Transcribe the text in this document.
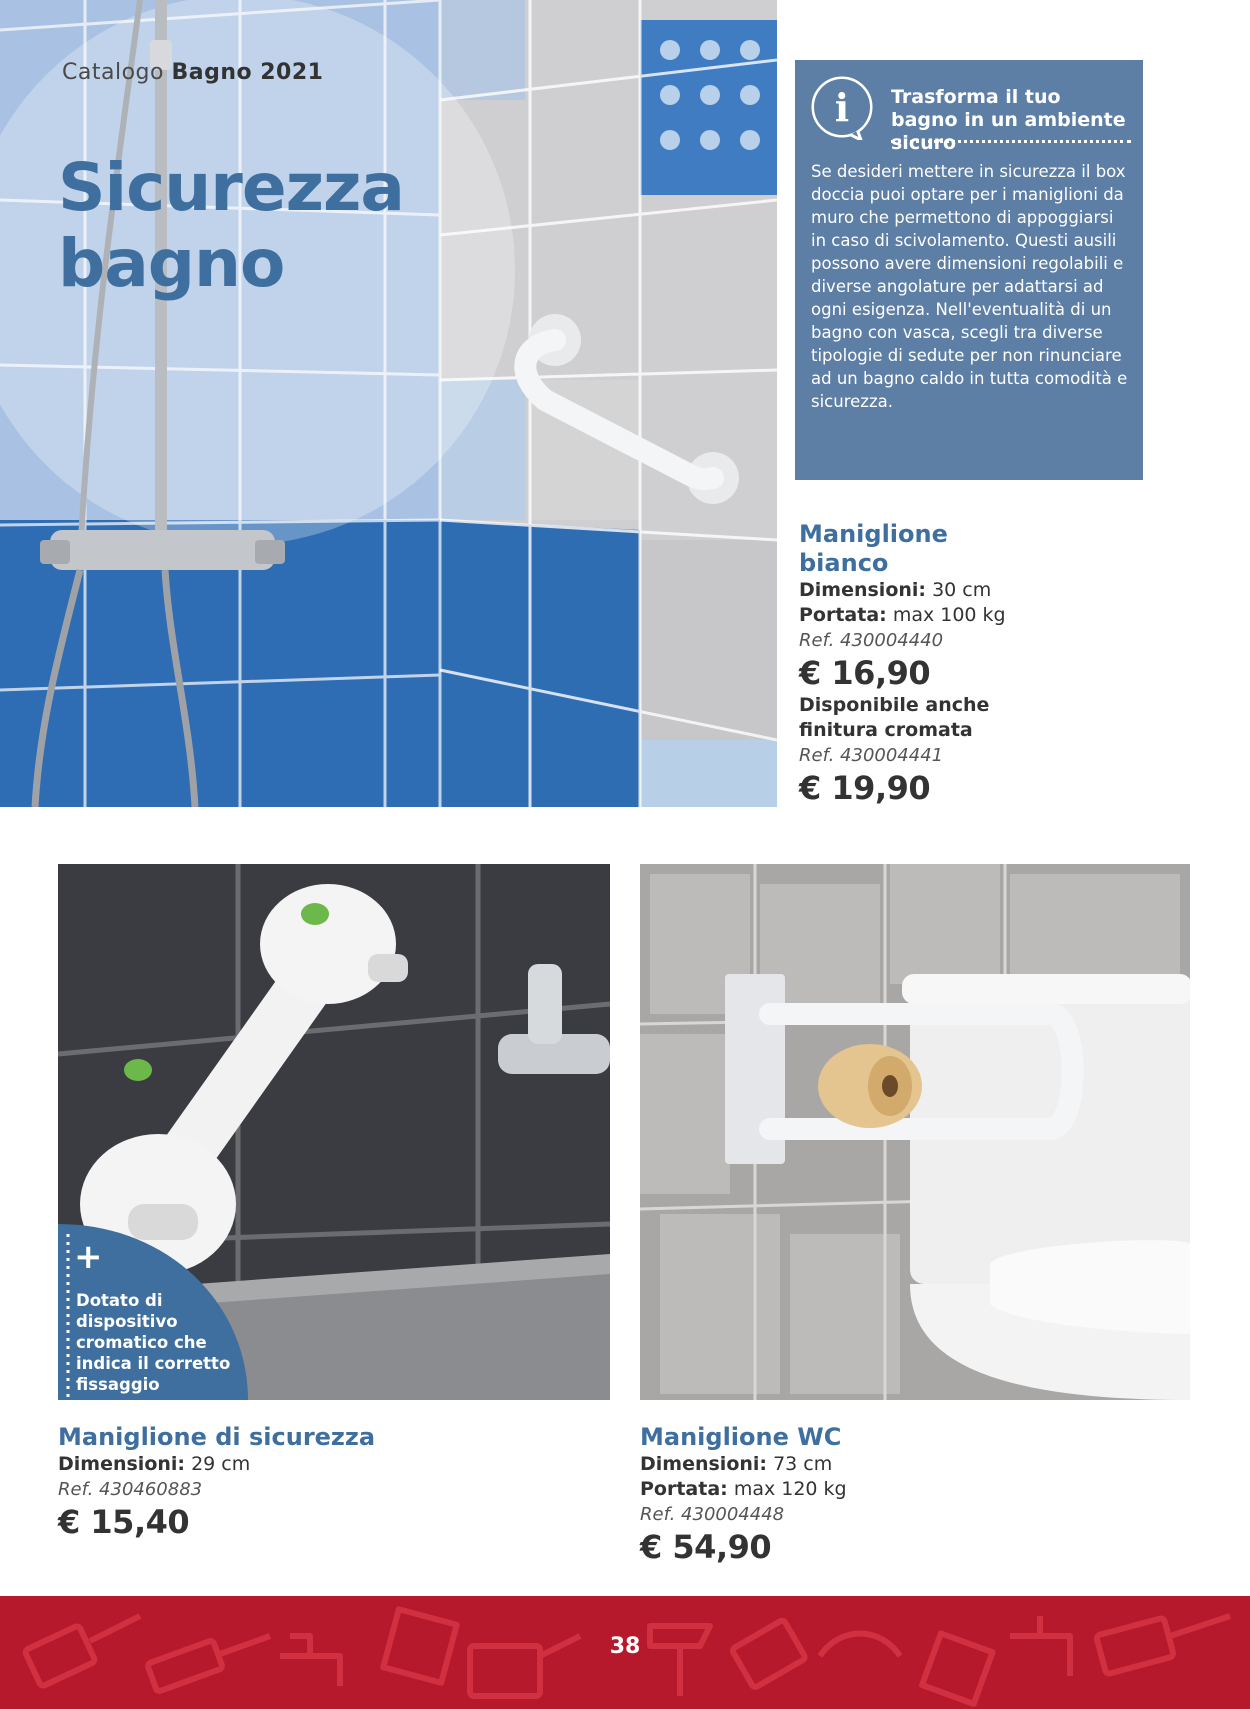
Catalogo Bagno 2021
Sicurezza
bagno
i Trasforma il tuo bagno in un ambiente sicuro
Se desideri mettere in sicurezza il box doccia puoi optare per i maniglioni da muro che permettono di appoggiarsi in caso di scivolamento. Questi ausili possono avere dimensioni regolabili e diverse angolature per adattarsi ad ogni esigenza. Nell'eventualità di un bagno con vasca, scegli tra diverse tipologie di sedute per non rinunciare ad un bagno caldo in tutta comodità e sicurezza.
Maniglione
bianco
Dimensioni: 30 cm
Portata: max 100 kg
Ref. 430004440
€ 16,90
Disponibile anche
finitura cromata
Ref. 430004441
€ 19,90
+
Dotato di dispositivo cromatico che indica il corretto fissaggio
Maniglione di sicurezza
Dimensioni: 29 cm
Ref. 430460883
€ 15,40
Maniglione WC
Dimensioni: 73 cm
Portata: max 120 kg
Ref. 430004448
€ 54,90
38
